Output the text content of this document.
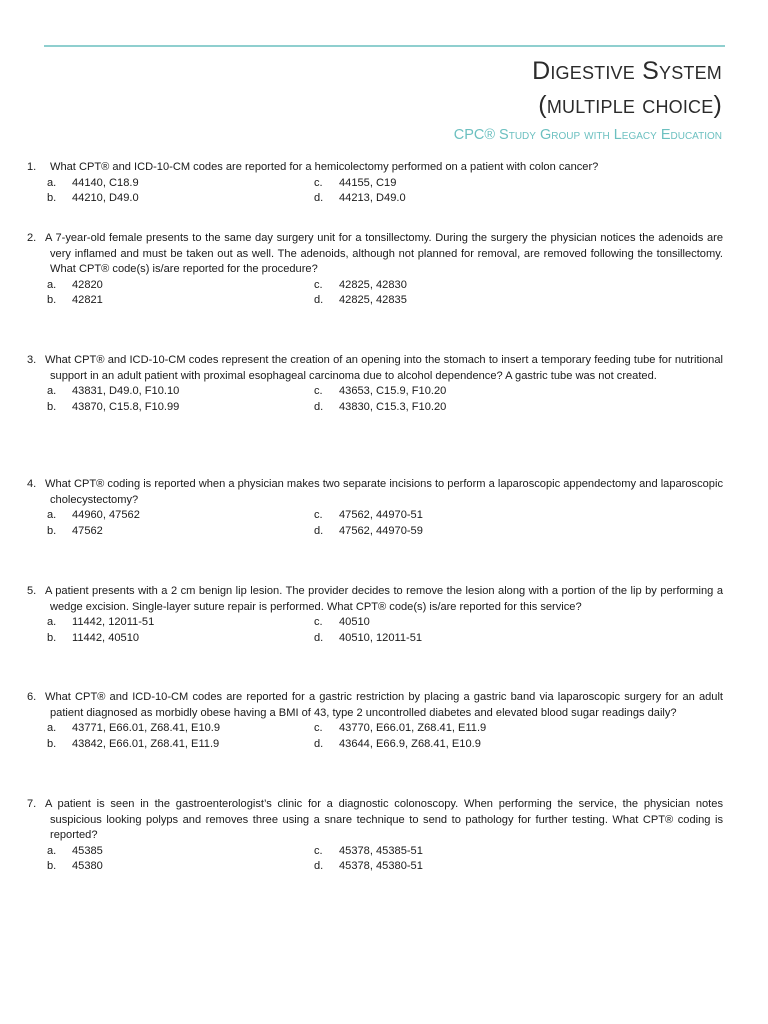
Digestive System
(multiple choice)
CPC® Study Group with Legacy Education
1. What CPT® and ICD-10-CM codes are reported for a hemicolectomy performed on a patient with colon cancer?
a. 44140, C18.9	c. 44155, C19
b. 44210, D49.0	d. 44213, D49.0
2. A 7-year-old female presents to the same day surgery unit for a tonsillectomy. During the surgery the physician notices the adenoids are very inflamed and must be taken out as well. The adenoids, although not planned for removal, are removed following the tonsillectomy. What CPT® code(s) is/are reported for the procedure?
a. 42820	c. 42825, 42830
b. 42821	d. 42825, 42835
3. What CPT® and ICD-10-CM codes represent the creation of an opening into the stomach to insert a temporary feeding tube for nutritional support in an adult patient with proximal esophageal carcinoma due to alcohol dependence? A gastric tube was not created.
a. 43831, D49.0, F10.10	c. 43653, C15.9, F10.20
b. 43870, C15.8, F10.99	d. 43830, C15.3, F10.20
4. What CPT® coding is reported when a physician makes two separate incisions to perform a laparoscopic appendectomy and laparoscopic cholecystectomy?
a. 44960, 47562	c. 47562, 44970-51
b. 47562	d. 47562, 44970-59
5. A patient presents with a 2 cm benign lip lesion. The provider decides to remove the lesion along with a portion of the lip by performing a wedge excision. Single-layer suture repair is performed. What CPT® code(s) is/are reported for this service?
a. 11442, 12011-51	c. 40510
b. 11442, 40510	d. 40510, 12011-51
6. What CPT® and ICD-10-CM codes are reported for a gastric restriction by placing a gastric band via laparoscopic surgery for an adult patient diagnosed as morbidly obese having a BMI of 43, type 2 uncontrolled diabetes and elevated blood sugar readings daily?
a. 43771, E66.01, Z68.41, E10.9	c. 43770, E66.01, Z68.41, E11.9
b. 43842, E66.01, Z68.41, E11.9	d. 43644, E66.9, Z68.41, E10.9
7. A patient is seen in the gastroenterologist’s clinic for a diagnostic colonoscopy. When performing the service, the physician notes suspicious looking polyps and removes three using a snare technique to send to pathology for further testing. What CPT® coding is reported?
a. 45385	c. 45378, 45385-51
b. 45380	d. 45378, 45380-51
